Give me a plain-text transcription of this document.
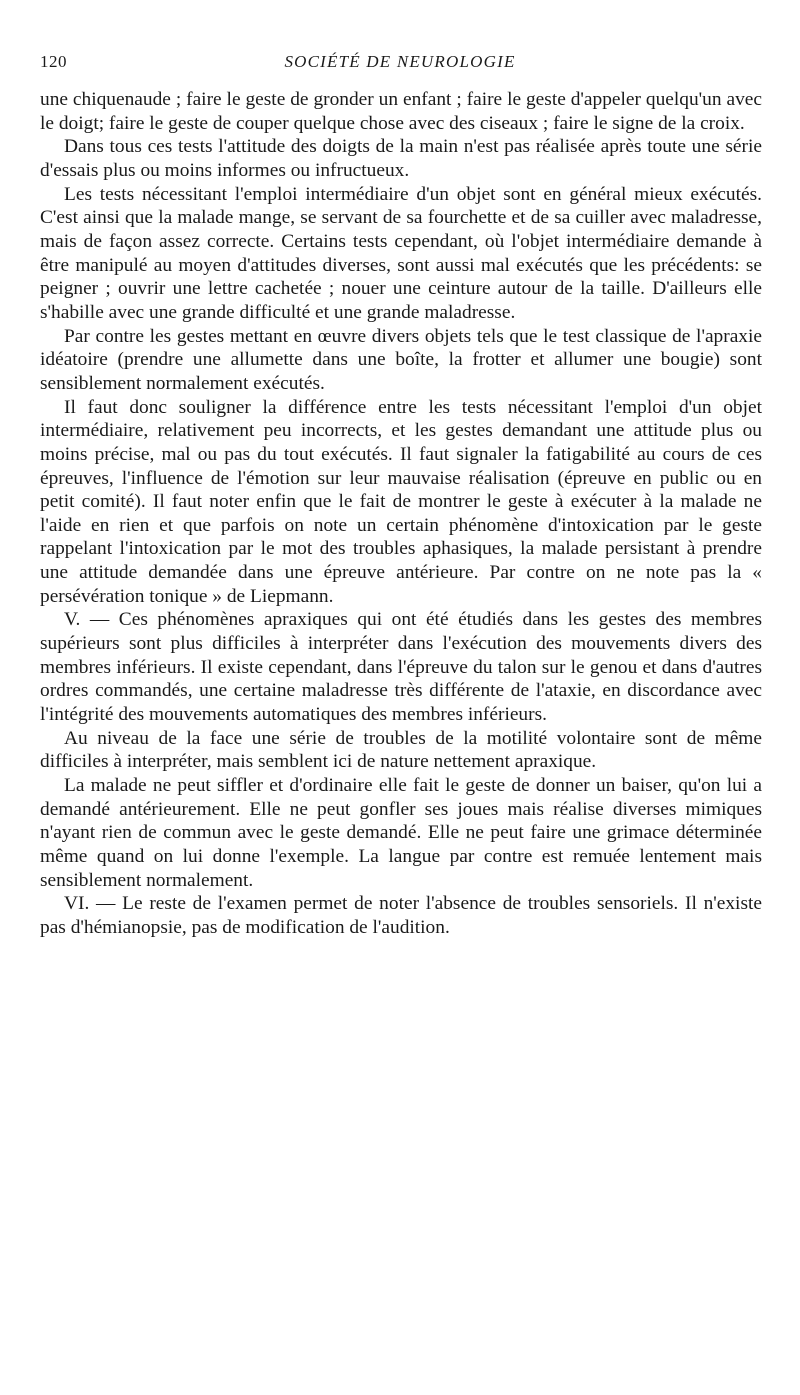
120	SOCIÉTÉ DE NEUROLOGIE

une chiquenaude ; faire le geste de gronder un enfant ; faire le geste d'appeler quelqu'un avec le doigt; faire le geste de couper quelque chose avec des ciseaux ; faire le signe de la croix.

Dans tous ces tests l'attitude des doigts de la main n'est pas réalisée après toute une série d'essais plus ou moins informes ou infructueux.

Les tests nécessitant l'emploi intermédiaire d'un objet sont en général mieux exécutés. C'est ainsi que la malade mange, se servant de sa fourchette et de sa cuiller avec maladresse, mais de façon assez correcte. Certains tests cependant, où l'objet intermédiaire demande à être manipulé au moyen d'attitudes diverses, sont aussi mal exécutés que les précédents: se peigner ; ouvrir une lettre cachetée ; nouer une ceinture autour de la taille. D'ailleurs elle s'habille avec une grande difficulté et une grande maladresse.

Par contre les gestes mettant en œuvre divers objets tels que le test classique de l'apraxie idéatoire (prendre une allumette dans une boîte, la frotter et allumer une bougie) sont sensiblement normalement exécutés.

Il faut donc souligner la différence entre les tests nécessitant l'emploi d'un objet intermédiaire, relativement peu incorrects, et les gestes demandant une attitude plus ou moins précise, mal ou pas du tout exécutés. Il faut signaler la fatigabilité au cours de ces épreuves, l'influence de l'émotion sur leur mauvaise réalisation (épreuve en public ou en petit comité). Il faut noter enfin que le fait de montrer le geste à exécuter à la malade ne l'aide en rien et que parfois on note un certain phénomène d'intoxication par le geste rappelant l'intoxication par le mot des troubles aphasiques, la malade persistant à prendre une attitude demandée dans une épreuve antérieure. Par contre on ne note pas la « persévération tonique » de Liepmann.

V. — Ces phénomènes apraxiques qui ont été étudiés dans les gestes des membres supérieurs sont plus difficiles à interpréter dans l'exécution des mouvements divers des membres inférieurs. Il existe cependant, dans l'épreuve du talon sur le genou et dans d'autres ordres commandés, une certaine maladresse très différente de l'ataxie, en discordance avec l'intégrité des mouvements automatiques des membres inférieurs.

Au niveau de la face une série de troubles de la motilité volontaire sont de même difficiles à interpréter, mais semblent ici de nature nettement apraxique.

La malade ne peut siffler et d'ordinaire elle fait le geste de donner un baiser, qu'on lui a demandé antérieurement. Elle ne peut gonfler ses joues mais réalise diverses mimiques n'ayant rien de commun avec le geste demandé. Elle ne peut faire une grimace déterminée même quand on lui donne l'exemple. La langue par contre est remuée lentement mais sensiblement normalement.

VI. — Le reste de l'examen permet de noter l'absence de troubles sensoriels. Il n'existe pas d'hémianopsie, pas de modification de l'audition.
